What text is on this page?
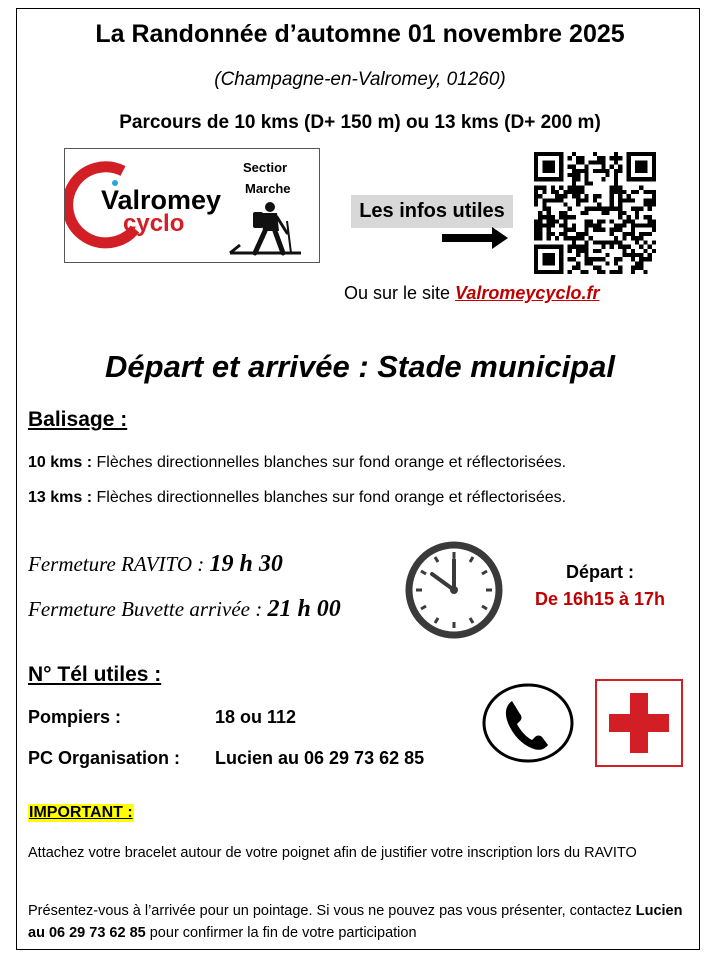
La Randonnée d’automne 01 novembre 2025
(Champagne-en-Valromey, 01260)
Parcours de 10 kms (D+ 150 m) ou 13 kms (D+ 200 m)
Valromey
cyclo
Sectior
Marche
Les infos utiles
Ou sur le site Valromeycyclo.fr
Départ et arrivée : Stade municipal
Balisage :
10 kms : Flèches directionnelles blanches sur fond orange et réflectorisées.
13 kms : Flèches directionnelles blanches sur fond orange et réflectorisées.
Fermeture RAVITO : 19 h 30
Fermeture Buvette arrivée : 21 h 00
Départ :
De 16h15 à 17h
N° Tél utiles :
Pompiers :	18 ou 112
PC Organisation : Lucien au 06 29 73 62 85
IMPORTANT :
Attachez votre bracelet autour de votre poignet afin de justifier votre inscription lors du RAVITO
Présentez-vous à l’arrivée pour un pointage. Si vous ne pouvez pas vous présenter, contactez Lucien au 06 29 73 62 85 pour confirmer la fin de votre participation
